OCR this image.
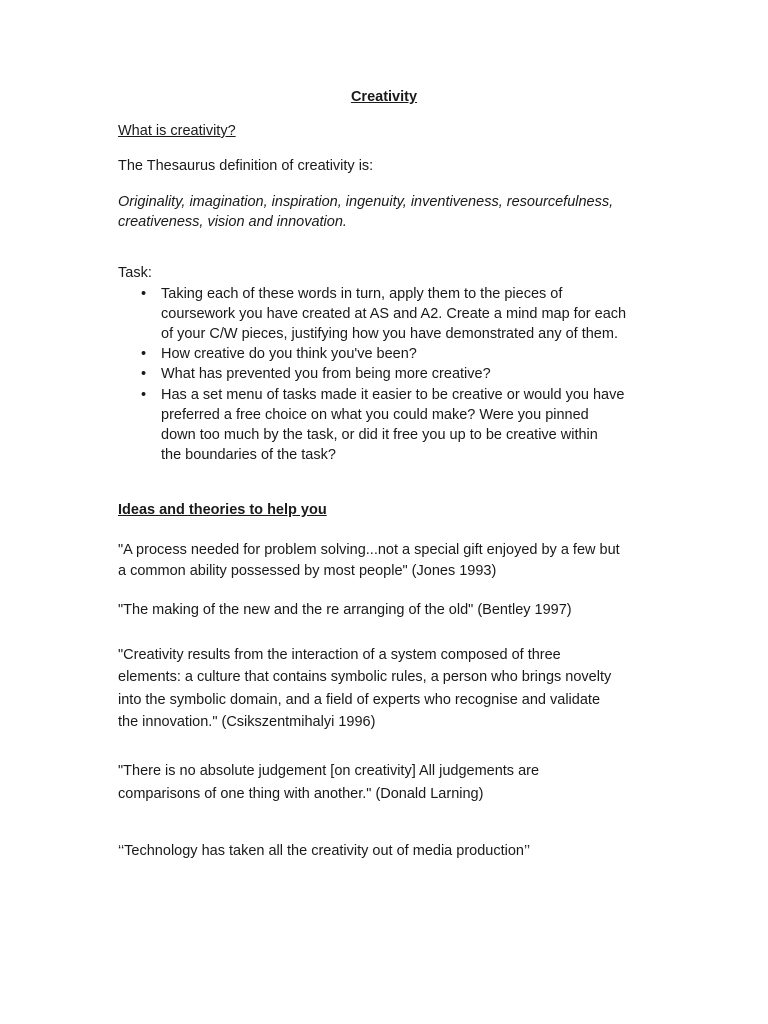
Creativity
What is creativity?
The Thesaurus definition of creativity is:
Originality, imagination, inspiration, ingenuity, inventiveness, resourcefulness,
creativeness, vision and innovation.
Task:
• Taking each of these words in turn, apply them to the pieces of
coursework you have created at AS and A2. Create a mind map for each
of your C/W pieces, justifying how you have demonstrated any of them.
• How creative do you think you've been?
• What has prevented you from being more creative?
• Has a set menu of tasks made it easier to be creative or would you have
preferred a free choice on what you could make? Were you pinned
down too much by the task, or did it free you up to be creative within
the boundaries of the task?
Ideas and theories to help you
"A process needed for problem solving...not a special gift enjoyed by a few but
a common ability possessed by most people" (Jones 1993)
"The making of the new and the re arranging of the old" (Bentley 1997)
"Creativity results from the interaction of a system composed of three
elements: a culture that contains symbolic rules, a person who brings novelty
into the symbolic domain, and a field of experts who recognise and validate
the innovation." (Csikszentmihalyi 1996)
"There is no absolute judgement [on creativity] All judgements are
comparisons of one thing with another." (Donald Larning)
‘‘Technology has taken all the creativity out of media production’’
